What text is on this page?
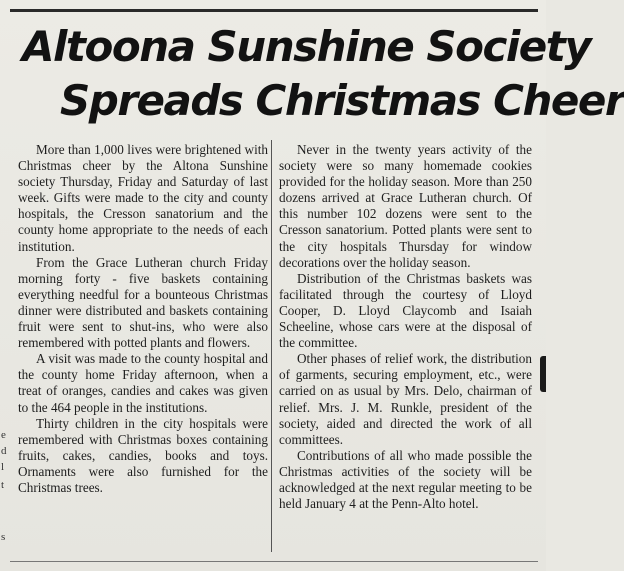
e
d
l
t
s
Altoona Sunshine Society
Spreads Christmas Cheer

More than 1,000 lives were brightened with Christmas cheer by the Altona Sunshine society Thursday, Friday and Saturday of last week. Gifts were made to the city and county hospitals, the Cresson sanatorium and the county home appropriate to the needs of each institution.

From the Grace Lutheran church Friday morning forty - five baskets containing everything needful for a bounteous Christmas dinner were distributed and baskets containing fruit were sent to shut-ins, who were also remembered with potted plants and flowers.

A visit was made to the county hospital and the county home Friday afternoon, when a treat of oranges, candies and cakes was given to the 464 people in the institutions.

Thirty children in the city hospitals were remembered with Christmas boxes containing fruits, cakes, candies, books and toys. Ornaments were also furnished for the Christmas trees.

Never in the twenty years activity of the society were so many homemade cookies provided for the holiday season. More than 250 dozens arrived at Grace Lutheran church. Of this number 102 dozens were sent to the Cresson sanatorium. Potted plants were sent to the city hospitals Thursday for window decorations over the holiday season.

Distribution of the Christmas baskets was facilitated through the courtesy of Lloyd Cooper, D. Lloyd Claycomb and Isaiah Scheeline, whose cars were at the disposal of the committee.

Other phases of relief work, the distribution of garments, securing employment, etc., were carried on as usual by Mrs. Delo, chairman of relief. Mrs. J. M. Runkle, president of the society, aided and directed the work of all committees.

Contributions of all who made possible the Christmas activities of the society will be acknowledged at the next regular meeting to be held January 4 at the Penn-Alto hotel.
